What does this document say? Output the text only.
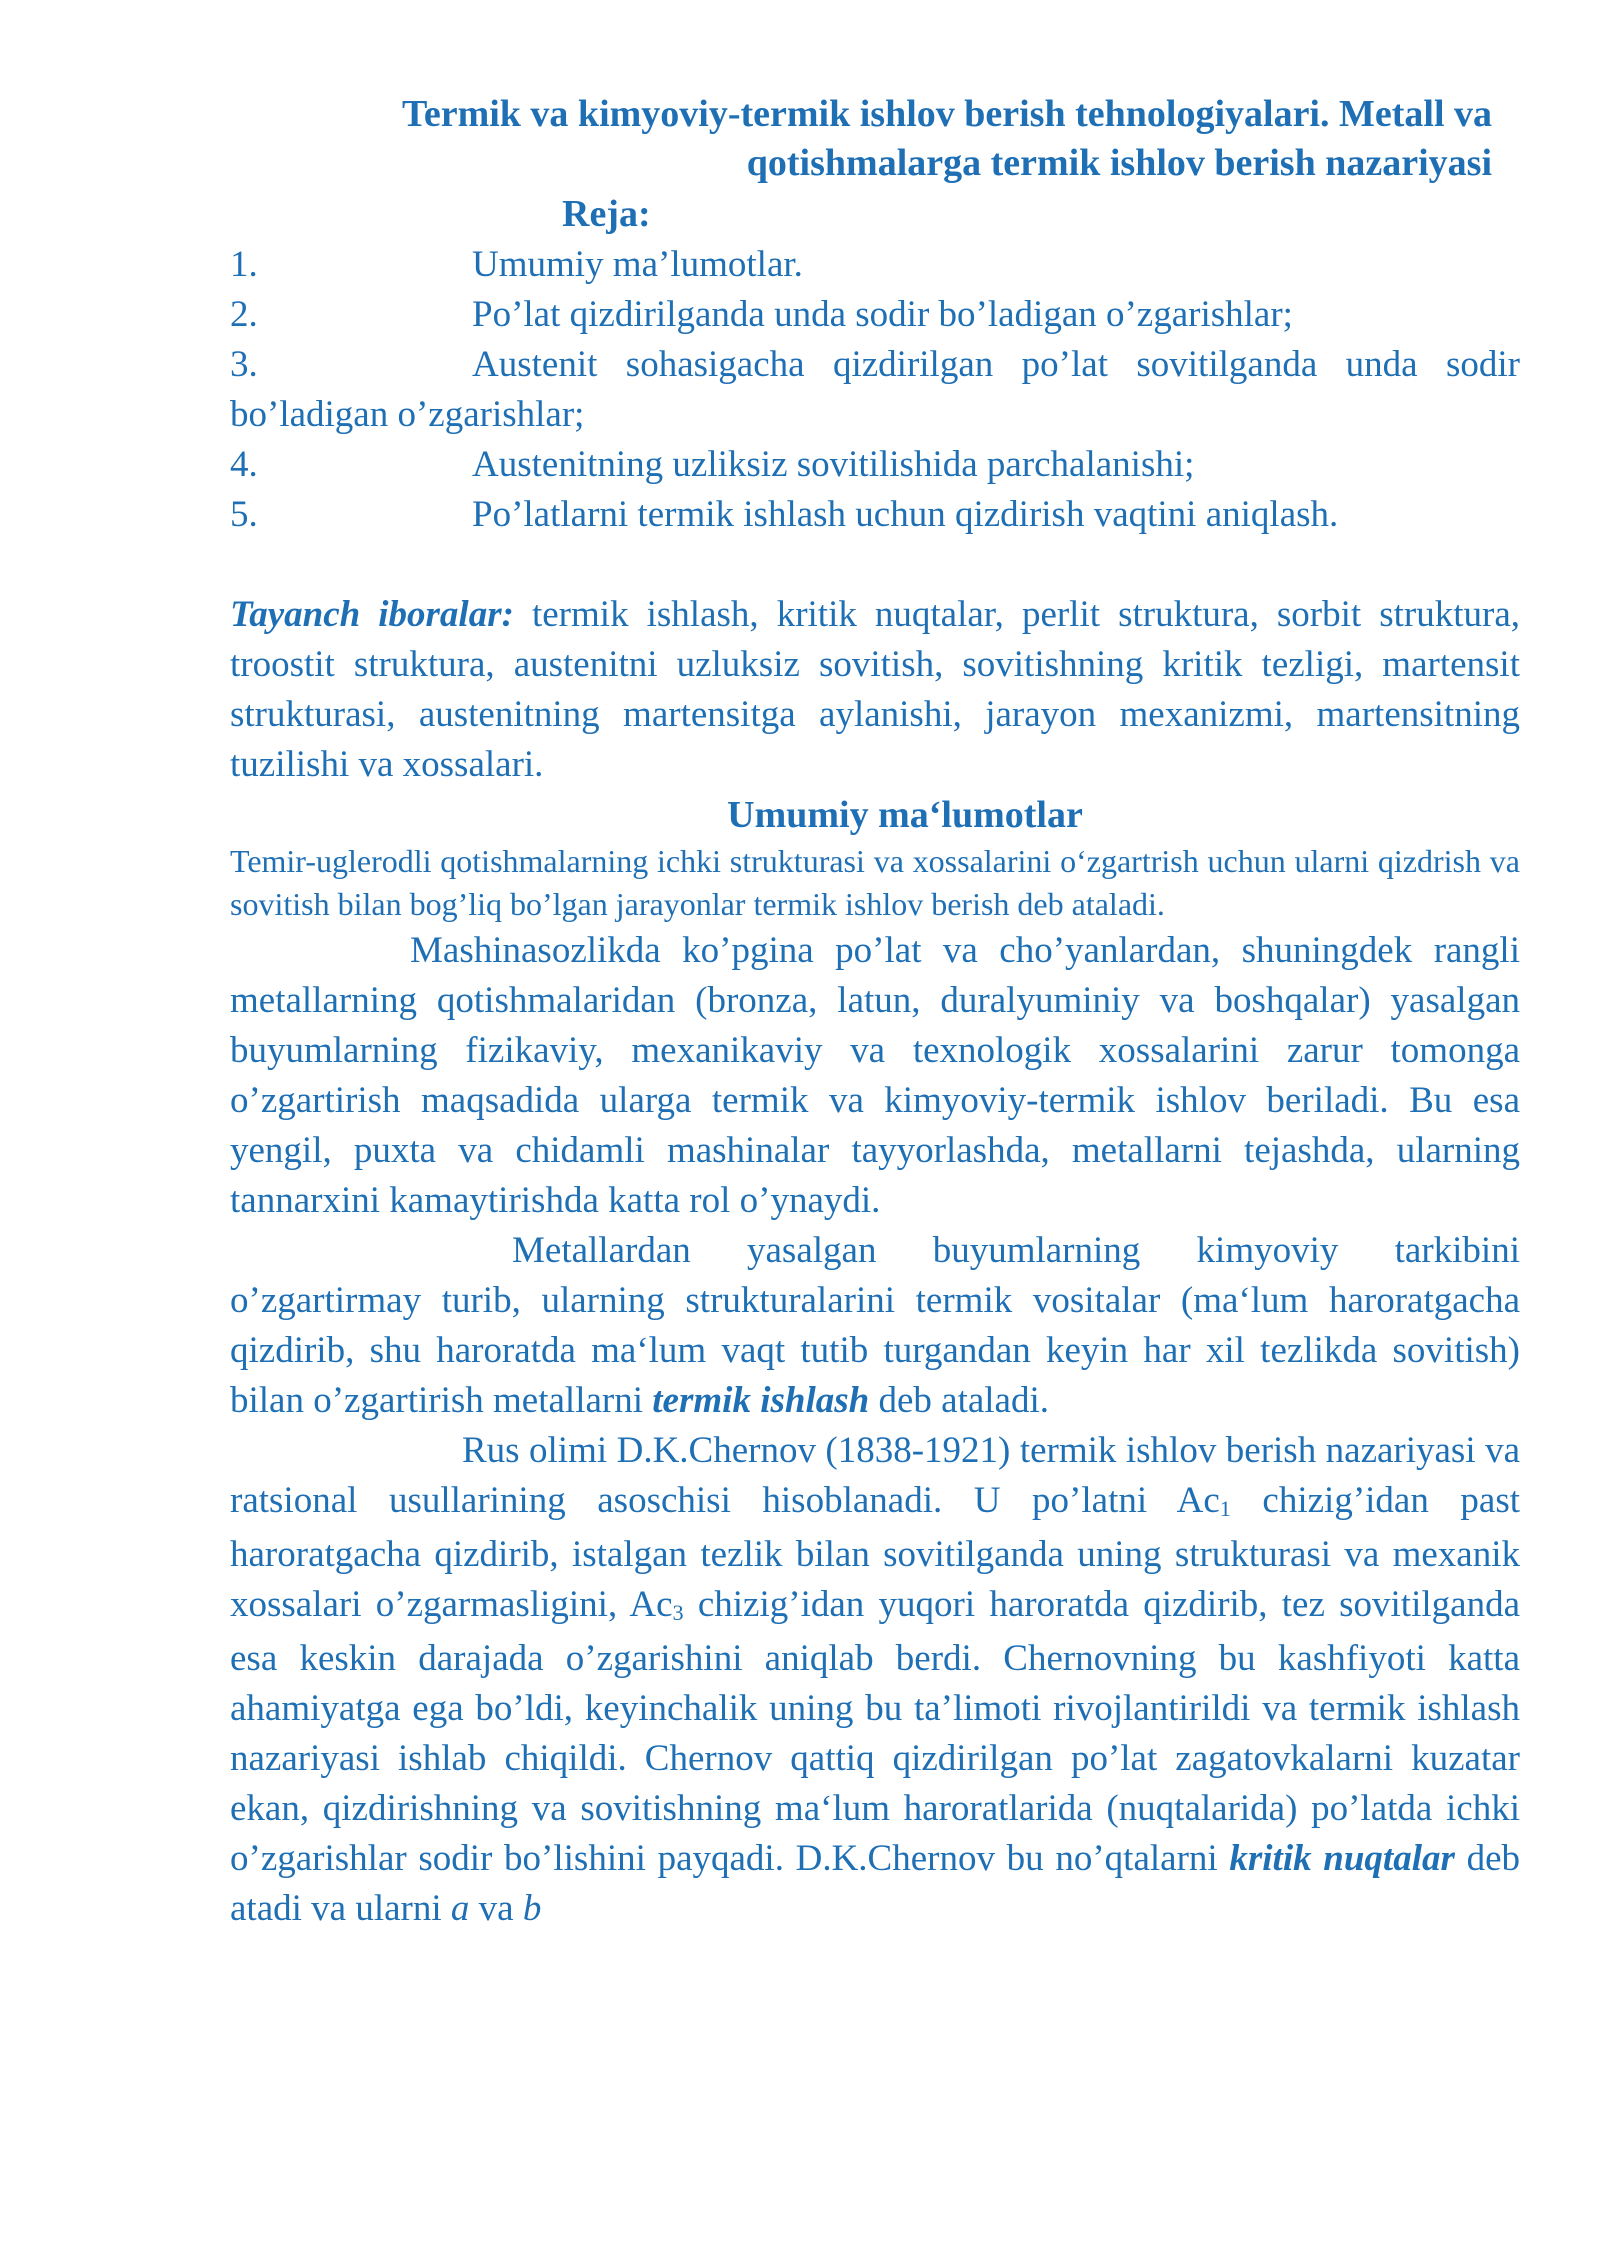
Termik va kimyoviy-termik ishlov berish tehnologiyalari. Metall va qotishmalarga termik ishlov berish nazariyasi
Reja:
1.	Umumiy ma’lumotlar.
2.	Po’lat qizdirilganda unda sodir bo’ladigan o’zgarishlar;
3.	Austenit sohasigacha qizdirilgan po’lat sovitilganda unda sodir bo’ladigan o’zgarishlar;
4.	Austenitning uzliksiz sovitilishida parchalanishi;
5.	Po’latlarni termik ishlash uchun qizdirish vaqtini aniqlash.

Tayanch iboralar: termik ishlash, kritik nuqtalar, perlit struktura, sorbit struktura, troostit struktura, austenitni uzluksiz sovitish, sovitishning kritik tezligi, martensit strukturasi, austenitning martensitga aylanishi, jarayon mexanizmi, martensitning tuzilishi va xossalari.

Umumiy ma‘lumotlar

Temir-uglerodli qotishmalarning ichki strukturasi va xossalarini o‘zgartrish uchun ularni qizdrish va sovitish bilan bog’liq bo’lgan jarayonlar termik ishlov berish deb ataladi.

Mashinasozlikda ko’pgina po’lat va cho’yanlardan, shuningdek rangli metallarning qotishmalaridan (bronza, latun, duralyuminiy va boshqalar) yasalgan buyumlarning fizikaviy, mexanikaviy va texnologik xossalarini zarur tomonga o’zgartirish maqsadida ularga termik va kimyoviy-termik ishlov beriladi. Bu esa yengil, puxta va chidamli mashinalar tayyorlashda, metallarni tejashda, ularning tannarxini kamaytirishda katta rol o’ynaydi.

Metallardan yasalgan buyumlarning kimyoviy tarkibini o’zgartirmay turib, ularning strukturalarini termik vositalar (ma‘lum haroratgacha qizdirib, shu haroratda ma‘lum vaqt tutib turgandan keyin har xil tezlikda sovitish) bilan o’zgartirish metallarni termik ishlash deb ataladi.

Rus olimi D.K.Chernov (1838-1921) termik ishlov berish nazariyasi va ratsional usullarining asoschisi hisoblanadi. U po’latni $Ac_1$ chizig’idan past haroratgacha qizdirib, istalgan tezlik bilan sovitilganda uning strukturasi va mexanik xossalari o’zgarmasligini, $Ac_3$ chizig’idan yuqori haroratda qizdirib, tez sovitilganda esa keskin darajada o’zgarishini aniqlab berdi. Chernovning bu kashfiyoti katta ahamiyatga ega bo’ldi, keyinchalik uning bu ta’limoti rivojlantirildi va termik ishlash nazariyasi ishlab chiqildi. Chernov qattiq qizdirilgan po’lat zagatovkalarni kuzatar ekan, qizdirishning va sovitishning ma‘lum haroratlarida (nuqtalarida) po’latda ichki o’zgarishlar sodir bo’lishini payqadi. D.K.Chernov bu no’qtalarni kritik nuqtalar deb atadi va ularni a va b
